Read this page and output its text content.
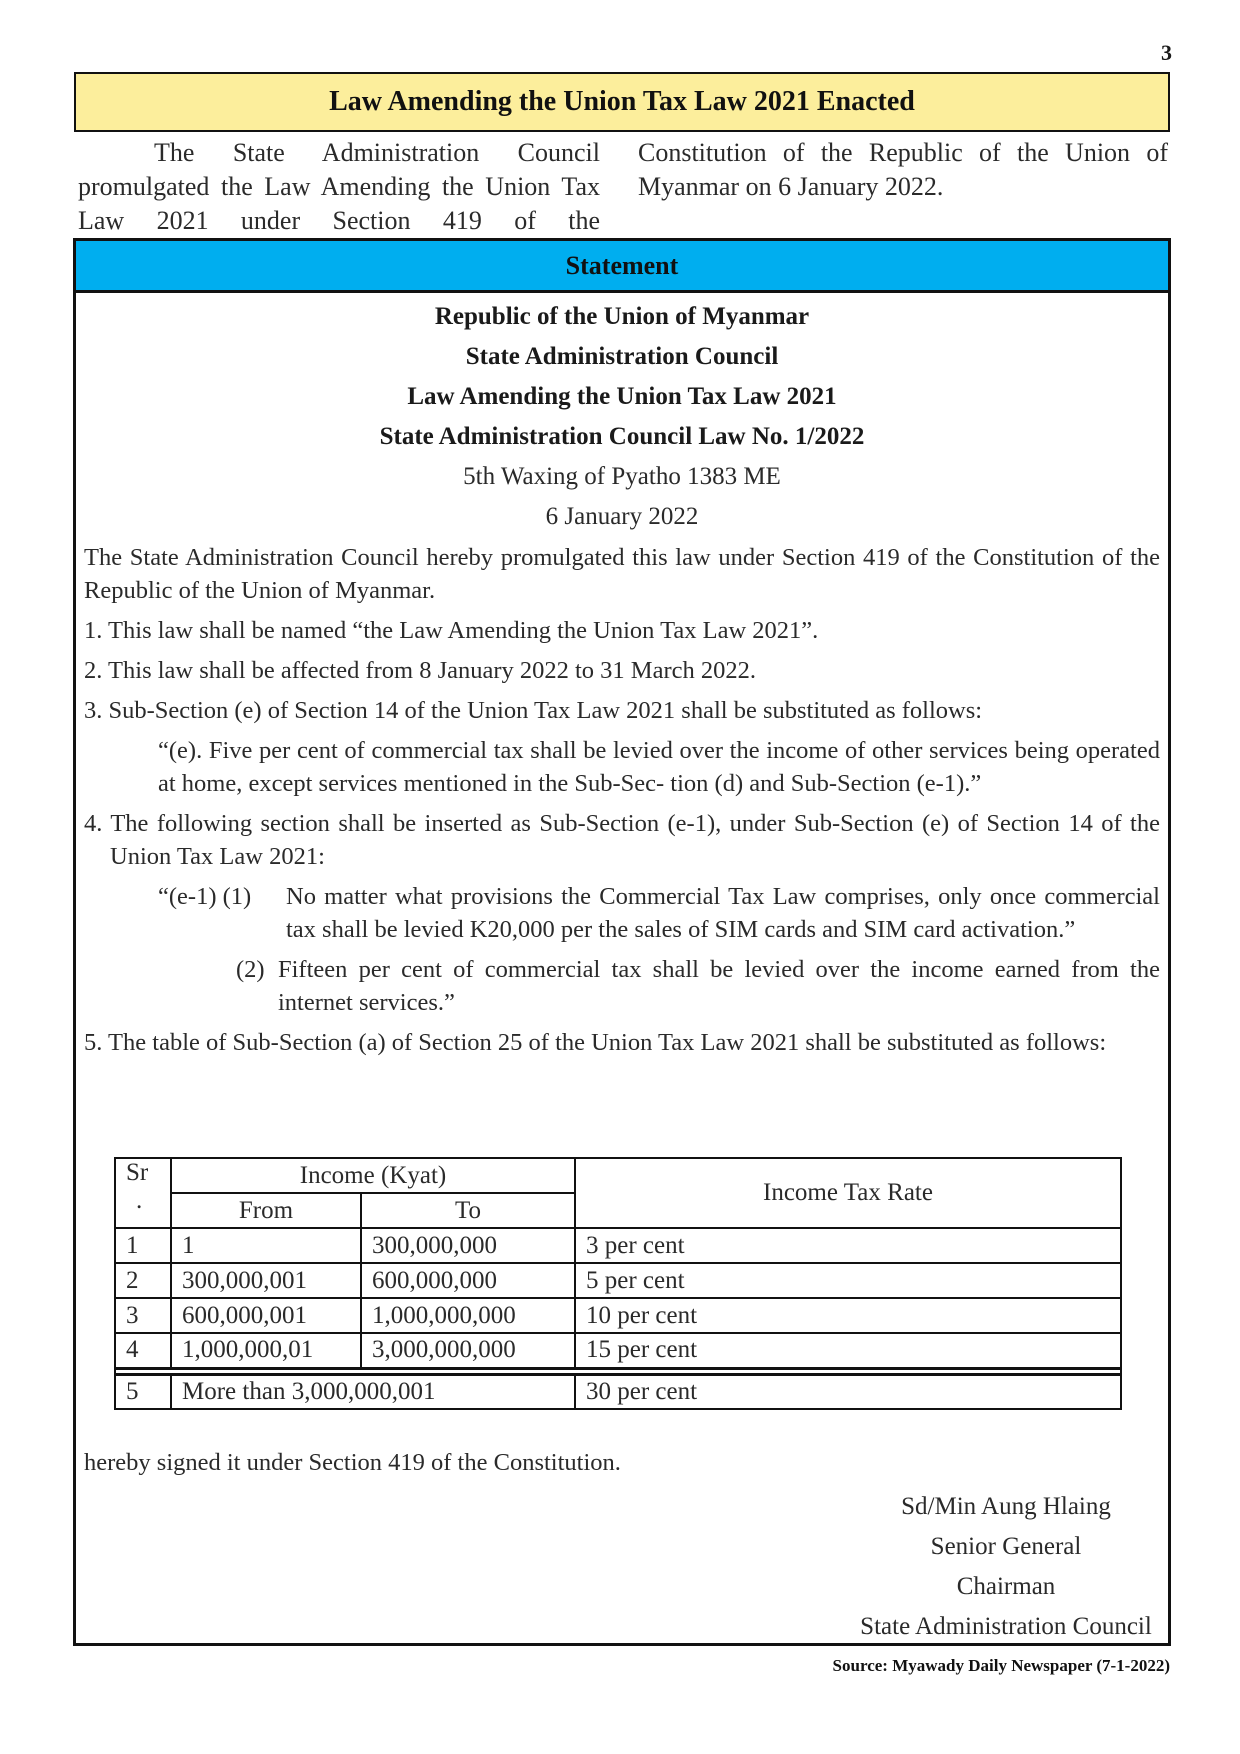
3
Law Amending the Union Tax Law 2021 Enacted

The State Administration Council promulgated the Law Amending the Union Tax Law 2021 under Section 419 of the

Constitution of the Republic of the Union of Myanmar on 6 January 2022.

Statement
Republic of the Union of Myanmar
State Administration Council
Law Amending the Union Tax Law 2021
State Administration Council Law No. 1/2022
5th Waxing of Pyatho 1383 ME
6 January 2022

The State Administration Council hereby promulgated this law under Section 419 of the Constitution of the Republic of the Union of Myanmar.

1. This law shall be named “the Law Amending the Union Tax Law 2021”.

2. This law shall be affected from 8 January 2022 to 31 March 2022.

3. Sub-Section (e) of Section 14 of the Union Tax Law 2021 shall be substituted as follows:

“(e). Five per cent of commercial tax shall be levied over the income of other services being operated at home, except services mentioned in the Sub-Sec- tion (d) and Sub-Section (e-1).”

4. The following section shall be inserted as Sub-Section (e-1), under Sub-Section (e) of Section 14 of the Union Tax Law 2021:

“(e-1) (1)	No matter what provisions the Commercial Tax Law comprises, only once commercial tax shall be levied K20,000 per the sales of SIM cards and SIM card activation.”
(2) Fifteen per cent of commercial tax shall be levied over the income earned from the internet services.”

5. The table of Sub-Section (a) of Section 25 of the Union Tax Law 2021 shall be substituted as follows:

Sr
.	Income (Kyat)		Income Tax Rate
	From	To	
1	1	300,000,000	3 per cent
2	300,000,001	600,000,000	5 per cent
3	600,000,001	1,000,000,000	10 per cent
4	1,000,000,01	3,000,000,000	15 per cent

5	More than 3,000,000,001		30 per cent

hereby signed it under Section 419 of the Constitution.

Sd/Min Aung Hlaing
Senior General
Chairman
State Administration Council
Source: Myawady Daily Newspaper (7-1-2022)
